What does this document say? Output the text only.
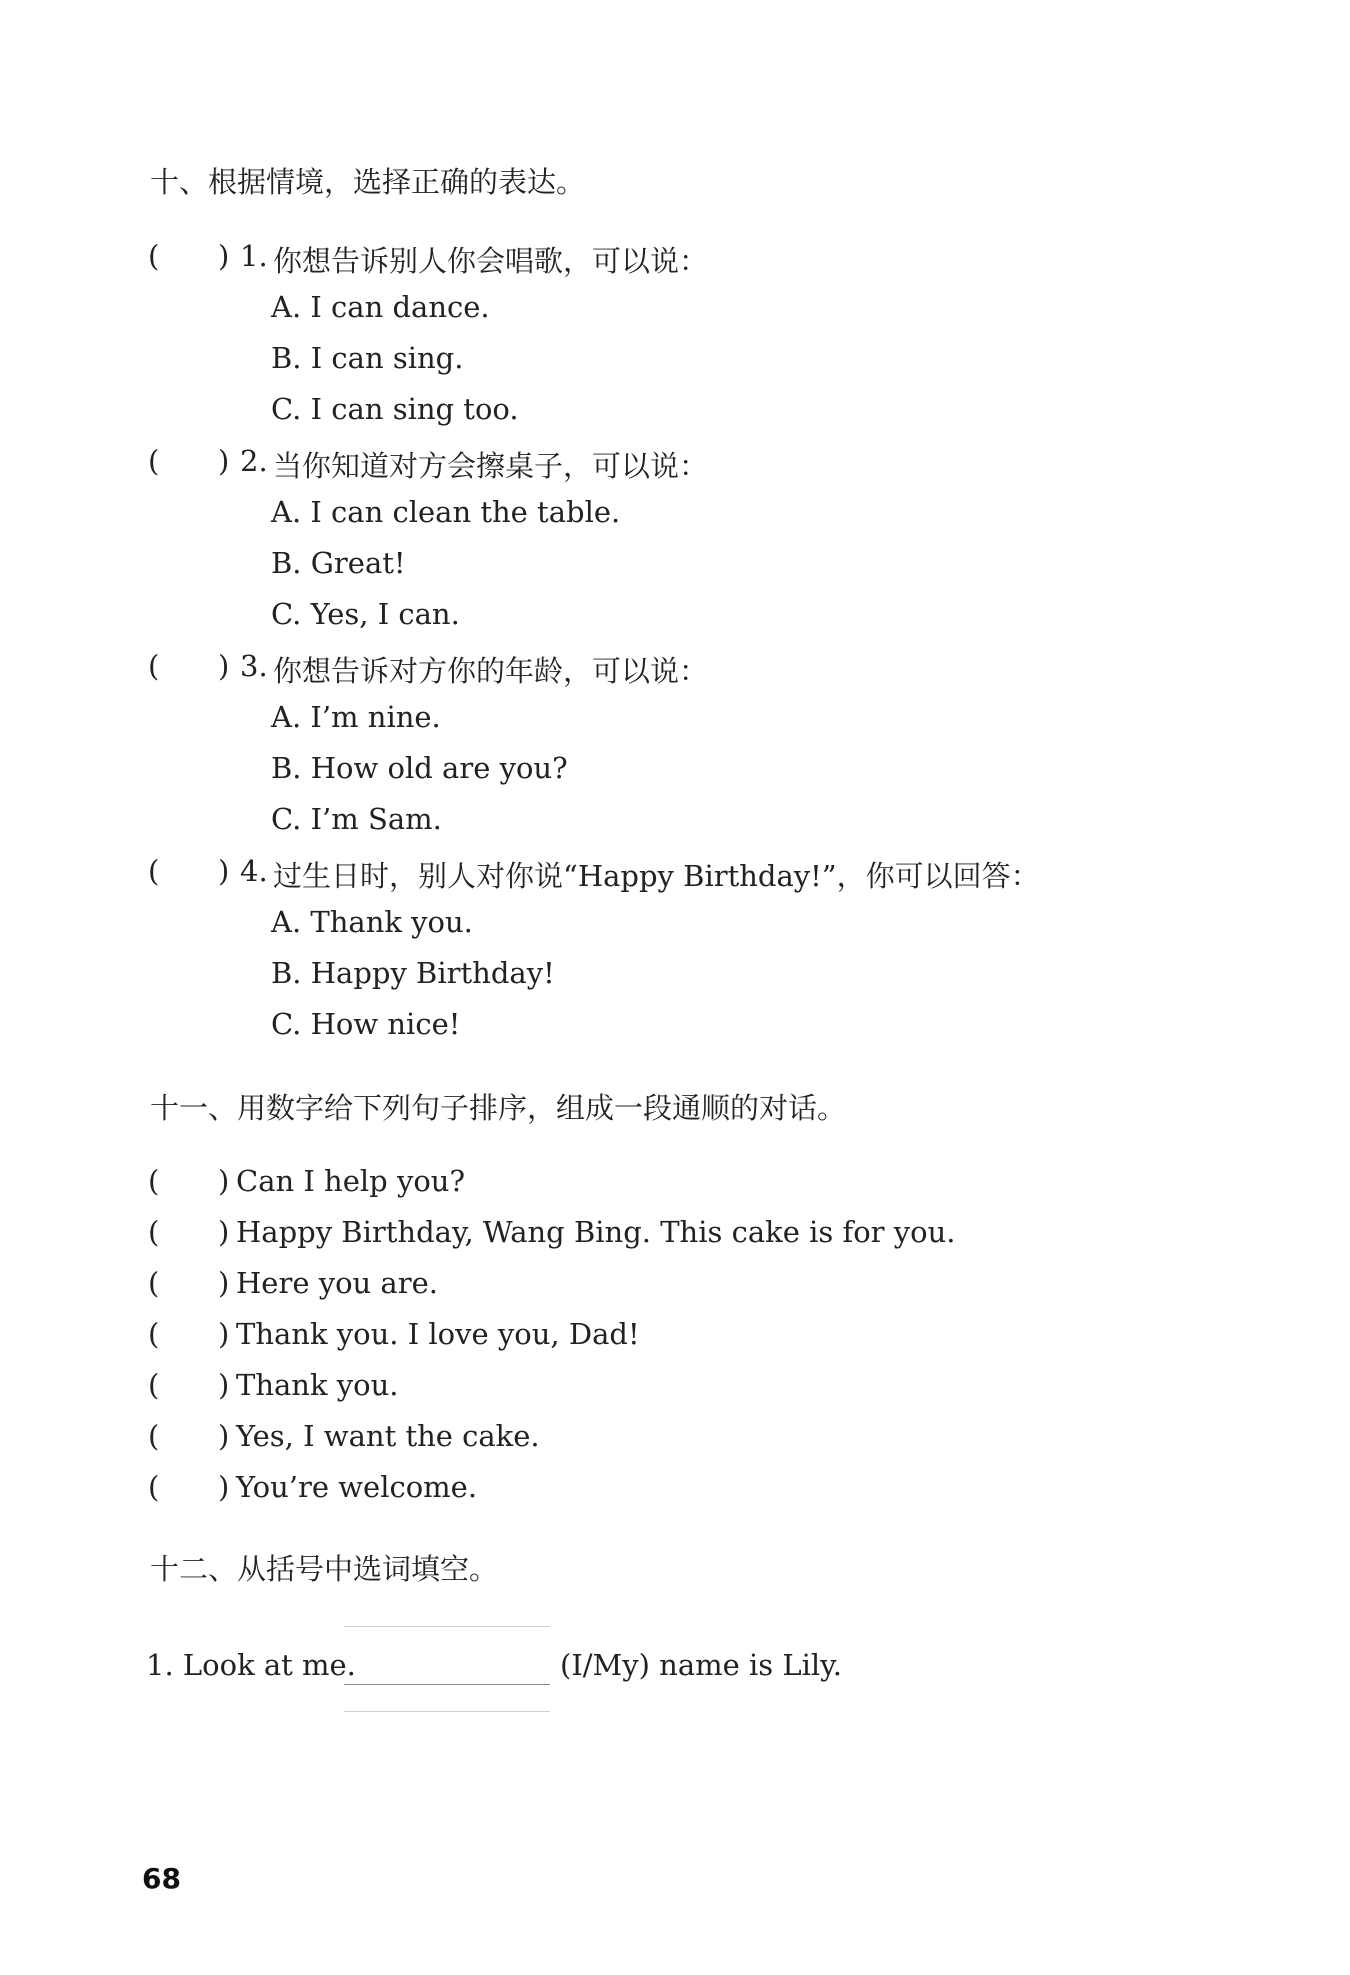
十、根据情境，选择正确的表达。
( ) 1. 你想告诉别人你会唱歌，可以说：
A. I can dance.
B. I can sing.
C. I can sing too.
( ) 2. 当你知道对方会擦桌子，可以说：
A. I can clean the table.
B. Great!
C. Yes, I can.
( ) 3. 你想告诉对方你的年龄，可以说：
A. I’m nine.
B. How old are you?
C. I’m Sam.
( ) 4. 过生日时，别人对你说“Happy Birthday!”，你可以回答：
A. Thank you.
B. Happy Birthday!
C. How nice!
十一、用数字给下列句子排序，组成一段通顺的对话。
( ) Can I help you?
( ) Happy Birthday, Wang Bing. This cake is for you.
( ) Here you are.
( ) Thank you. I love you, Dad!
( ) Thank you.
( ) Yes, I want the cake.
( ) You’re welcome.
十二、从括号中选词填空。
1. Look at me.	(I/My) name is Lily.
68
